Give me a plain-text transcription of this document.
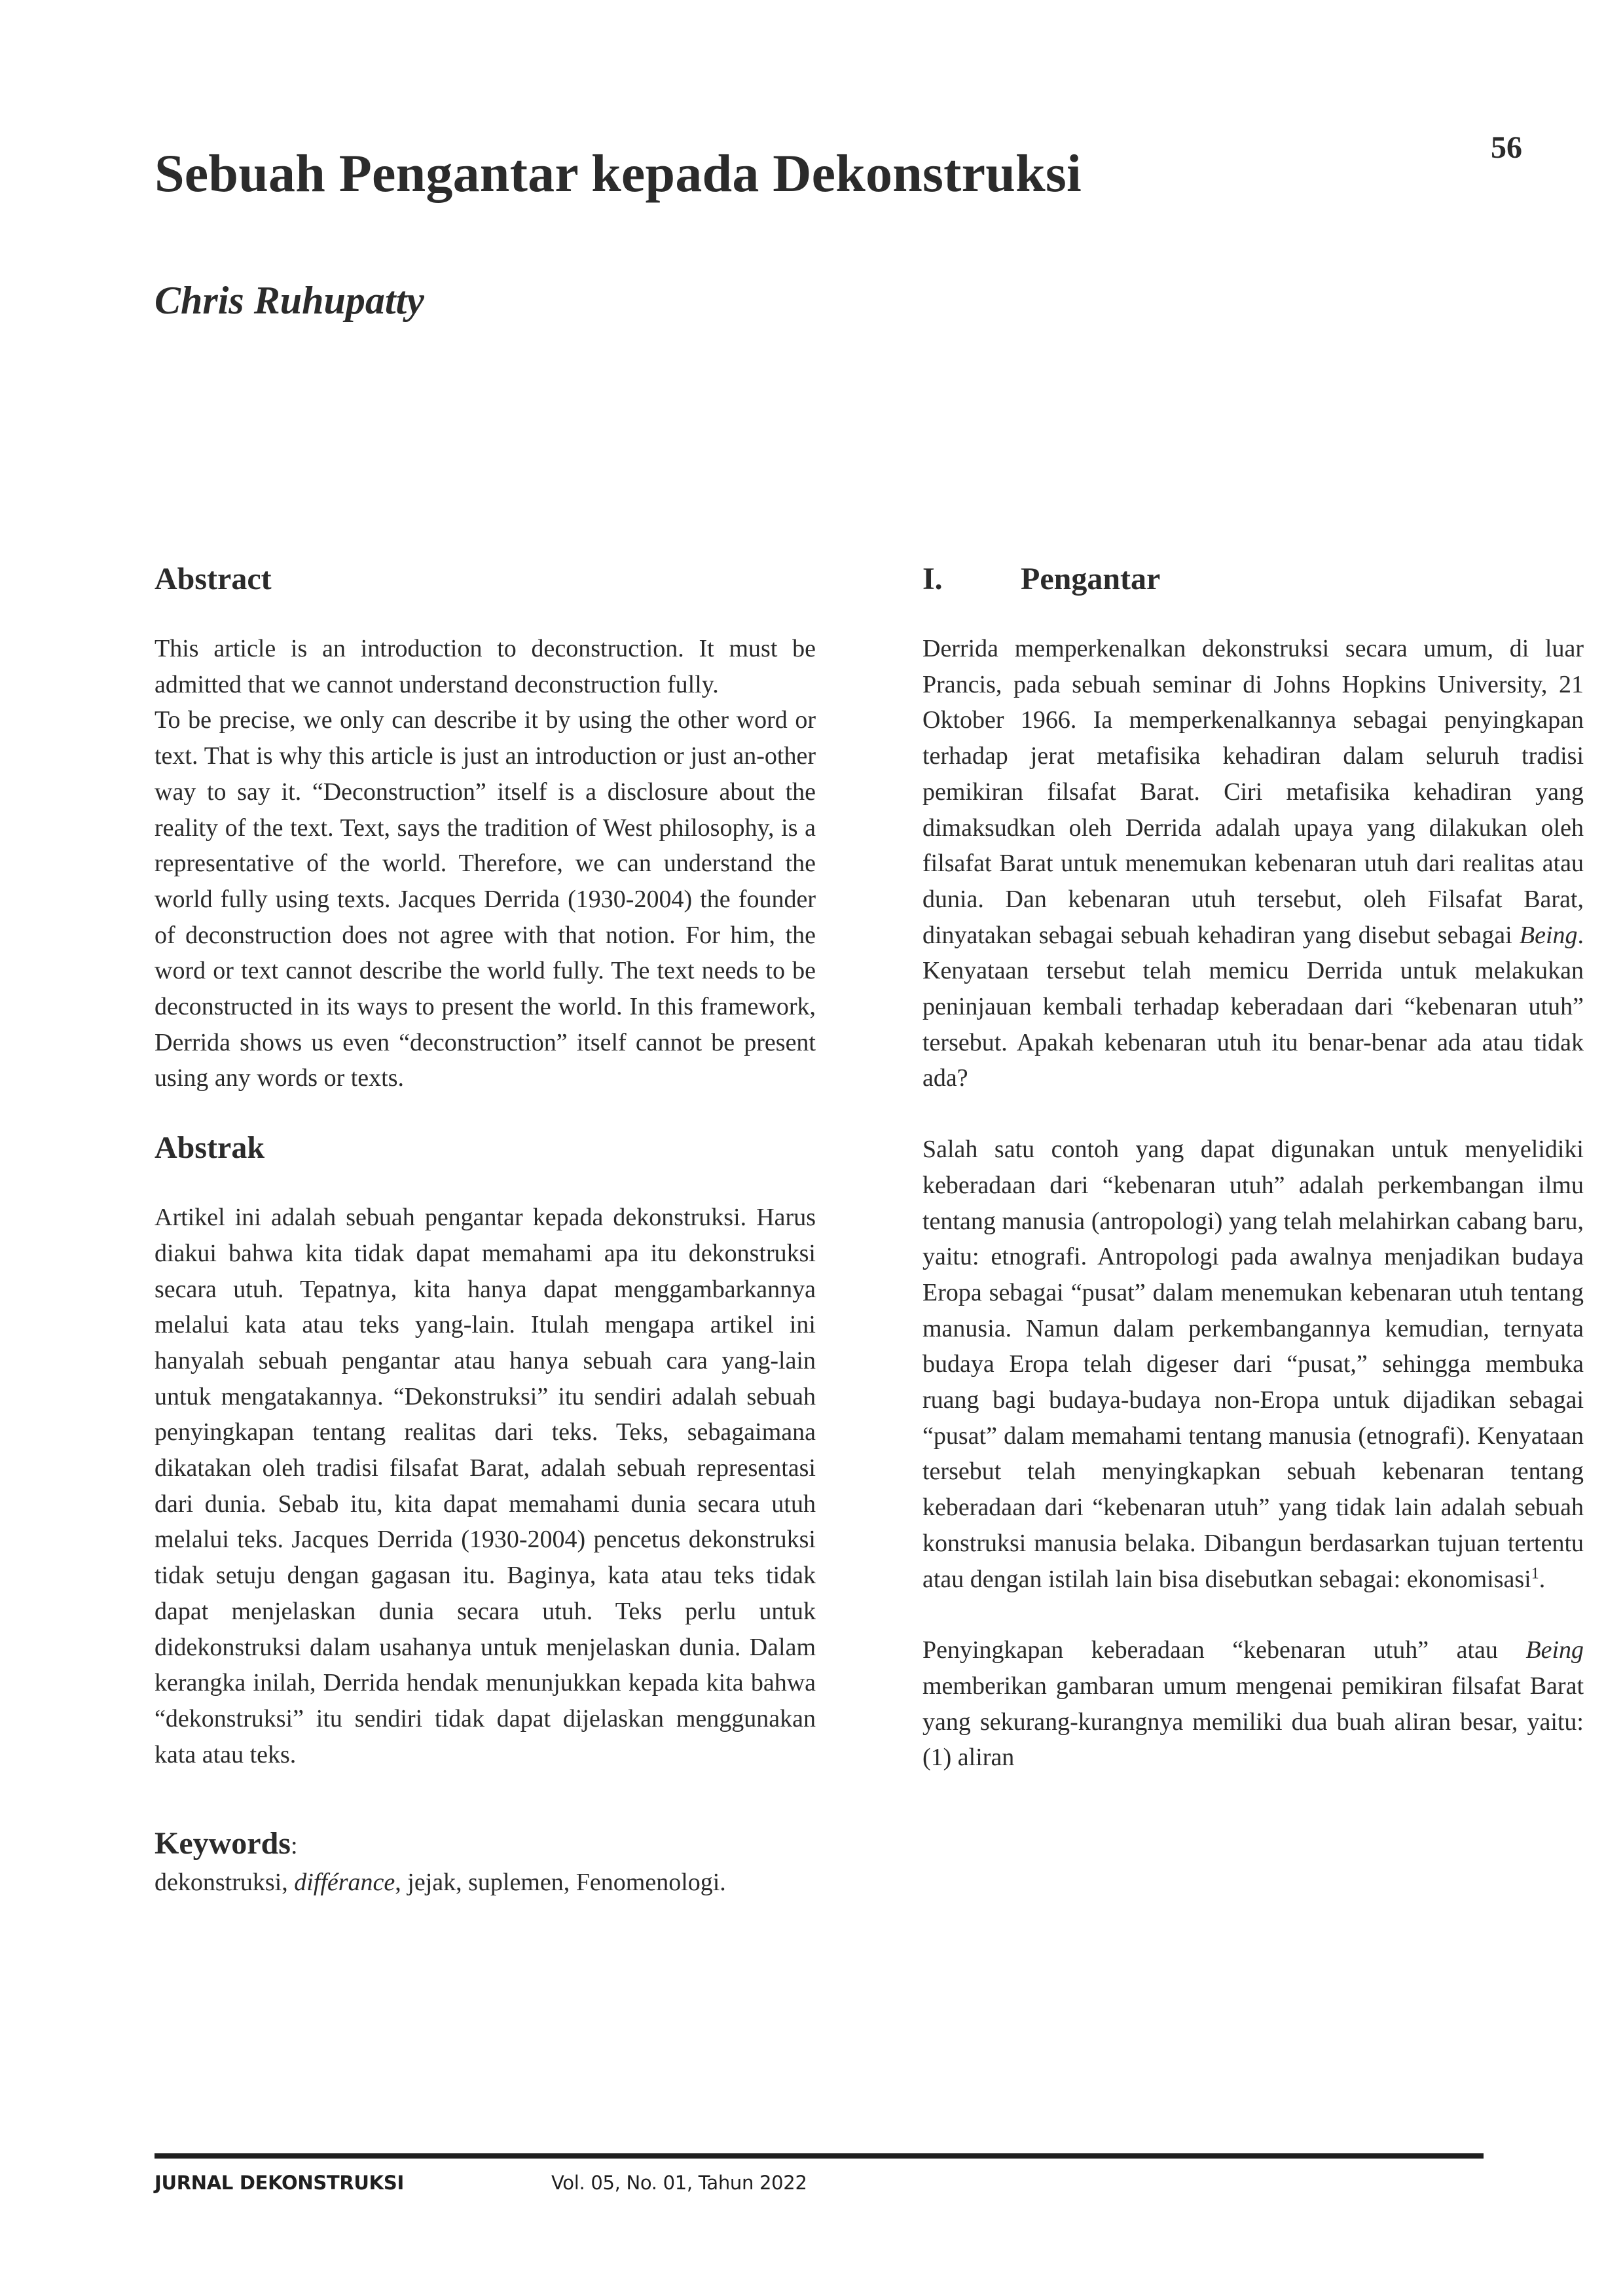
56
Sebuah Pengantar kepada Dekonstruksi
Chris Ruhupatty
Abstract

This article is an introduction to deconstruction. It must be admitted that we cannot understand deconstruction fully.

To be precise, we only can describe it by using the other word or text. That is why this article is just an introduction or just an-other way to say it. “Deconstruction” itself is a disclosure about the reality of the text. Text, says the tradition of West philosophy, is a representative of the world. Therefore, we can understand the world fully using texts. Jacques Derrida (1930-2004) the founder of deconstruction does not agree with that notion. For him, the word or text cannot describe the world fully. The text needs to be deconstructed in its ways to present the world. In this framework, Derrida shows us even “deconstruction” itself cannot be present using any words or texts.

Abstrak

Artikel ini adalah sebuah pengantar kepada dekonstruksi. Harus diakui bahwa kita tidak dapat memahami apa itu dekonstruksi secara utuh. Tepatnya, kita hanya dapat menggambarkannya melalui kata atau teks yang-lain. Itulah mengapa artikel ini hanyalah sebuah pengantar atau hanya sebuah cara yang-lain untuk mengatakannya. “Dekonstruksi” itu sendiri adalah sebuah penyingkapan tentang realitas dari teks. Teks, sebagaimana dikatakan oleh tradisi filsafat Barat, adalah sebuah representasi dari dunia. Sebab itu, kita dapat memahami dunia secara utuh melalui teks. Jacques Derrida (1930-2004) pencetus dekonstruksi tidak setuju dengan gagasan itu. Baginya, kata atau teks tidak dapat menjelaskan dunia secara utuh. Teks perlu untuk didekonstruksi dalam usahanya untuk menjelaskan dunia. Dalam kerangka inilah, Derrida hendak menunjukkan kepada kita bahwa “dekonstruksi” itu sendiri tidak dapat dijelaskan menggunakan kata atau teks.

Keywords:

dekonstruksi, différance, jejak, suplemen, Fenomenologi.

I. Pengantar

Derrida memperkenalkan dekonstruksi secara umum, di luar Prancis, pada sebuah seminar di Johns Hopkins University, 21 Oktober 1966. Ia memperkenalkannya sebagai penyingkapan terhadap jerat metafisika kehadiran dalam seluruh tradisi pemikiran filsafat Barat. Ciri metafisika kehadiran yang dimaksudkan oleh Derrida adalah upaya yang dilakukan oleh filsafat Barat untuk menemukan kebenaran utuh dari realitas atau dunia. Dan kebenaran utuh tersebut, oleh Filsafat Barat, dinyatakan sebagai sebuah kehadiran yang disebut sebagai Being. Kenyataan tersebut telah memicu Derrida untuk melakukan peninjauan kembali terhadap keberadaan dari “kebenaran utuh” tersebut. Apakah kebenaran utuh itu benar-benar ada atau tidak ada?

Salah satu contoh yang dapat digunakan untuk menyelidiki keberadaan dari “kebenaran utuh” adalah perkembangan ilmu tentang manusia (antropologi) yang telah melahirkan cabang baru, yaitu: etnografi. Antropologi pada awalnya menjadikan budaya Eropa sebagai “pusat” dalam menemukan kebenaran utuh tentang manusia. Namun dalam perkembangannya kemudian, ternyata budaya Eropa telah digeser dari “pusat,” sehingga membuka ruang bagi budaya-budaya non-Eropa untuk dijadikan sebagai “pusat” dalam memahami tentang manusia (etnografi). Kenyataan tersebut telah menyingkapkan sebuah kebenaran tentang keberadaan dari “kebenaran utuh” yang tidak lain adalah sebuah konstruksi manusia belaka. Dibangun berdasarkan tujuan tertentu atau dengan istilah lain bisa disebutkan sebagai: ekonomisasi$^1$.

Penyingkapan keberadaan “kebenaran utuh” atau Being memberikan gambaran umum mengenai pemikiran filsafat Barat yang sekurang-kurangnya memiliki dua buah aliran besar, yaitu: (1) aliran

JURNAL DEKONSTRUKSI	Vol. 05, No. 01, Tahun 2022
